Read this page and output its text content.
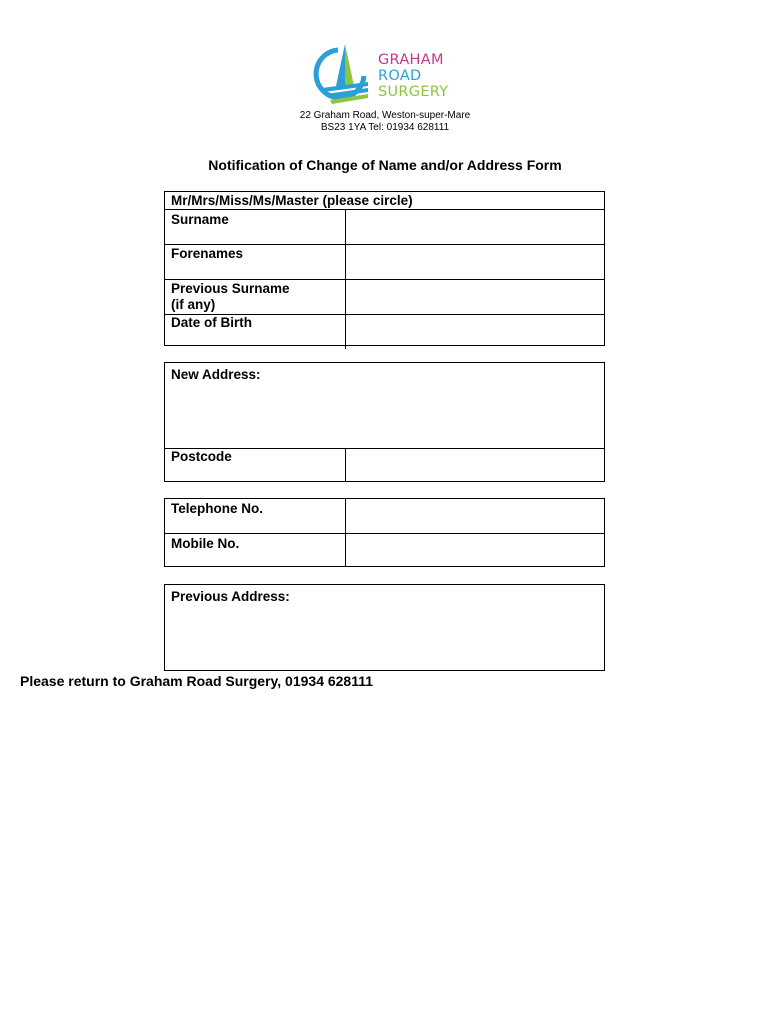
GRAHAM
ROAD
SURGERY
22 Graham Road, Weston-super-Mare
BS23 1YA Tel: 01934 628111
Notification of Change of Name and/or Address Form
Mr/Mrs/Miss/Ms/Master (please circle)
Surname
Forenames
Previous Surname
(if any)
Date of Birth
New Address:
Postcode
Telephone No.
Mobile No.
Previous Address:
Please return to Graham Road Surgery, 01934 628111
